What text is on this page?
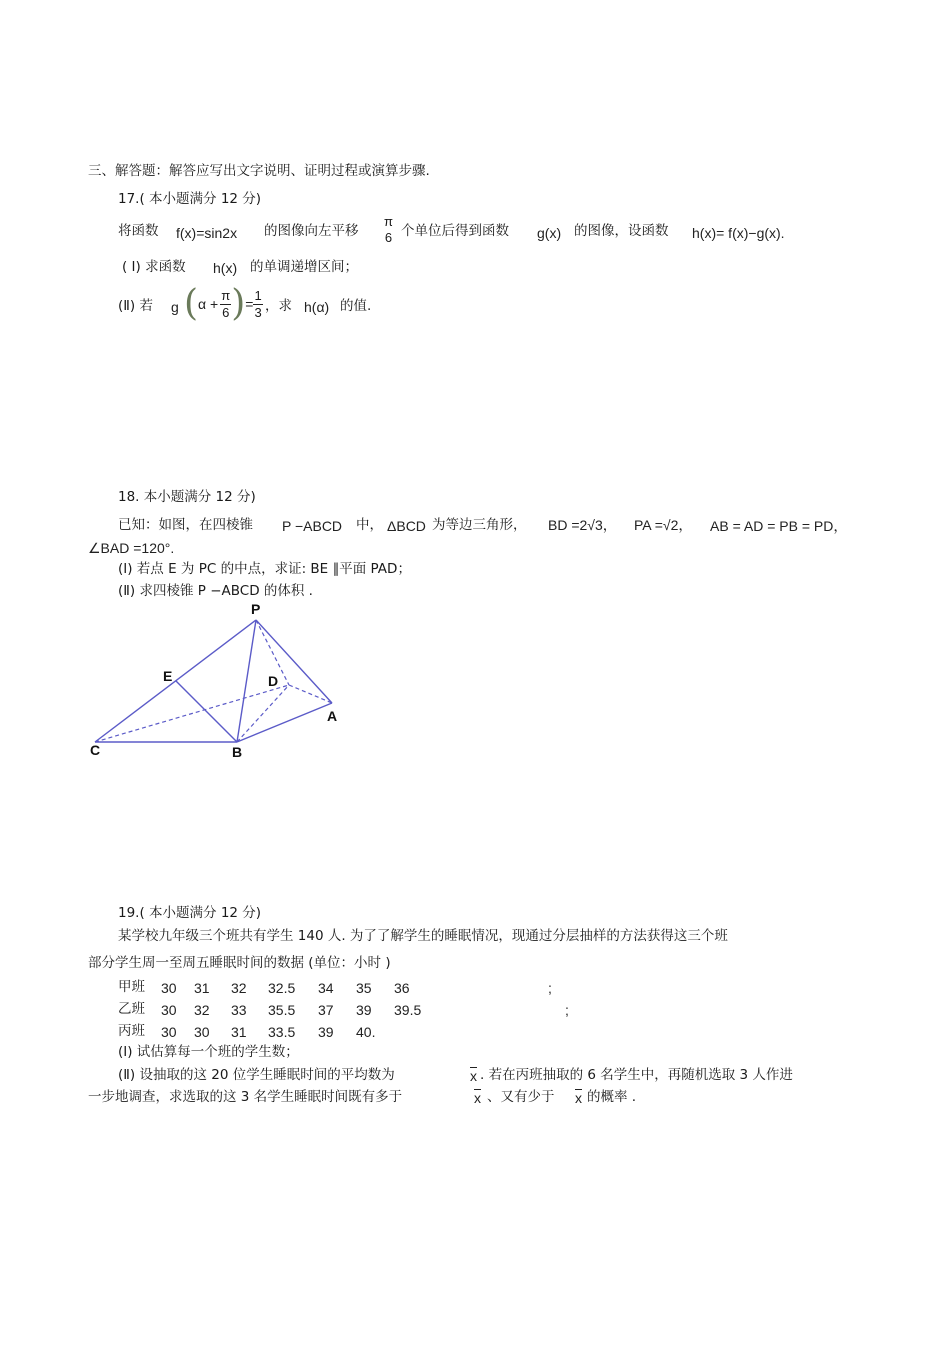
三、解答题：解答应写出文字说明、证明过程或演算步骤.
17.( 本小题满分 12 分)
将函数 f(x)=sin2x 的图像向左平移
π
6 个单位后得到函数 g(x) 的图像，设函数 h(x)= f(x)−g(x).
( Ⅰ) 求函数 h(x) 的单调递增区间；
(Ⅱ) 若 g ($\alpha + \frac{\pi}{6}$ )= $\frac{1}{3}$ ，求 h(α) 的值.
18. 本小题满分 12 分)
已知：如图，在四棱锥 P −ABCD 中， ΔBCD 为等边三角形， BD =2√3， PA =√2， AB = AD = PB = PD，
∠BAD =120°.
(Ⅰ) 若点 E 为 PC 的中点，求证: BE ∥平面 PAD；
(Ⅱ) 求四棱锥 P −ABCD 的体积 .
P
E	D
A
C	B
19.( 本小题满分 12 分)
某学校九年级三个班共有学生 140 人. 为了了解学生的睡眠情况，现通过分层抽样的方法获得这三个班
部分学生周一至周五睡眠时间的数据 (单位：小时 )
甲班 30 31 32 32.5 34 35 36	;
乙班 30 32 33 35.5 37 39 39.5	;
丙班 30 30 31 33.5 39 40.
(Ⅰ) 试估算每一个班的学生数；
(Ⅱ) 设抽取的这 20 位学生睡眠时间的平均数为	$\overline{x}$ . 若在丙班抽取的 6 名学生中，再随机选取 3 人作进
一步地调查，求选取的这 3 名学生睡眠时间既有多于	$\overline{x}$ 、又有少于 $\overline{x}$ 的概率 .
